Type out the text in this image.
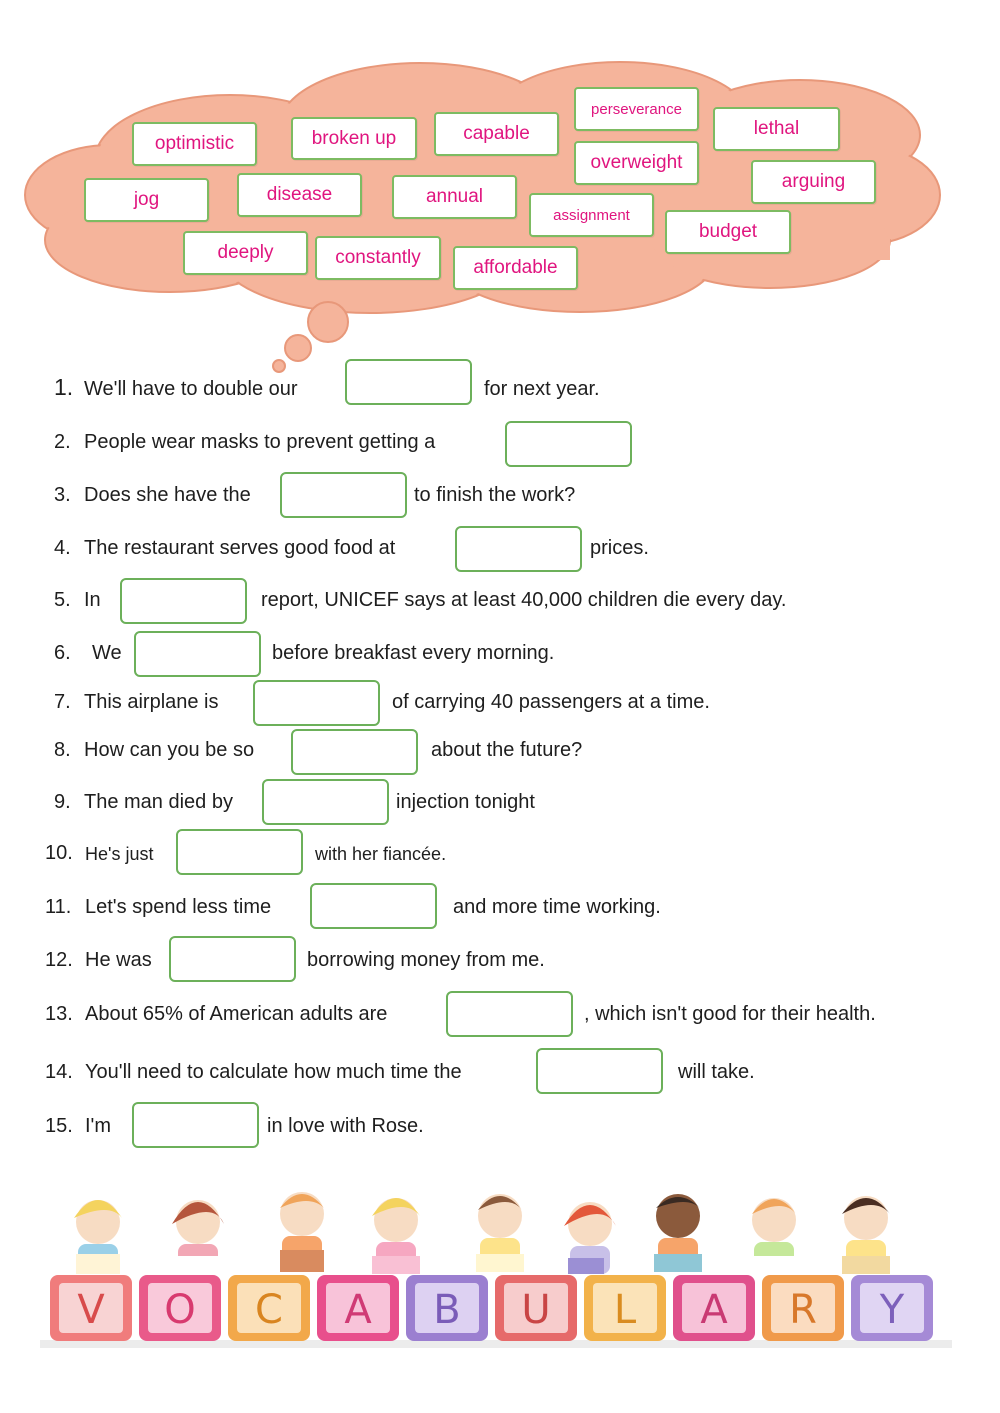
optimistic	broken up	capable
perseverance
lethal
overweight
arguing
jog	disease	annual
assignment
budget
deeply	constantly	affordable
1. We'll have to double our	for next year.
2. People wear masks to prevent getting a
3. Does she have the	to finish the work?
4. The restaurant serves good food at	prices.
5. In	report, UNICEF says at least 40,000 children die every day.
6. We	before breakfast every morning.
7. This airplane is	of carrying 40 passengers at a time.
8. How can you be so	about the future?
9. The man died by	injection tonight
10. He's just	with her fiancée.
11. Let's spend less time	and more time working.
12. He was	borrowing money from me.
13. About 65% of American adults are	, which isn't good for their health.
14. You'll need to calculate how much time the	will take.
15. I'm	in love with Rose.
V O C A B U L A R Y
